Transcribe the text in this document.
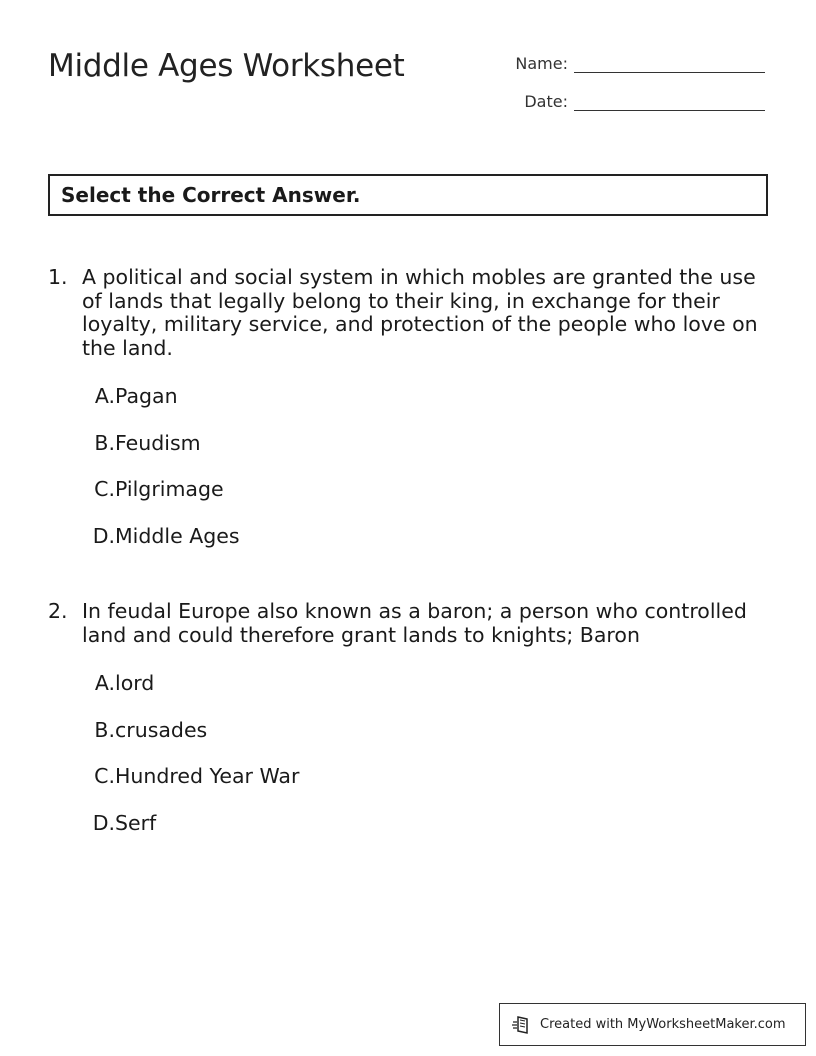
Middle Ages Worksheet	Name:
Date:
Select the Correct Answer.
1. A political and social system in which mobles are granted the use of lands that legally belong to their king, in exchange for their loyalty, military service, and protection of the people who love on the land.
A. Pagan
B. Feudism
C. Pilgrimage
D. Middle Ages
2. In feudal Europe also known as a baron; a person who controlled land and could therefore grant lands to knights; Baron
A. lord
B. crusades
C. Hundred Year War
D. Serf
Created with MyWorksheetMaker.com
